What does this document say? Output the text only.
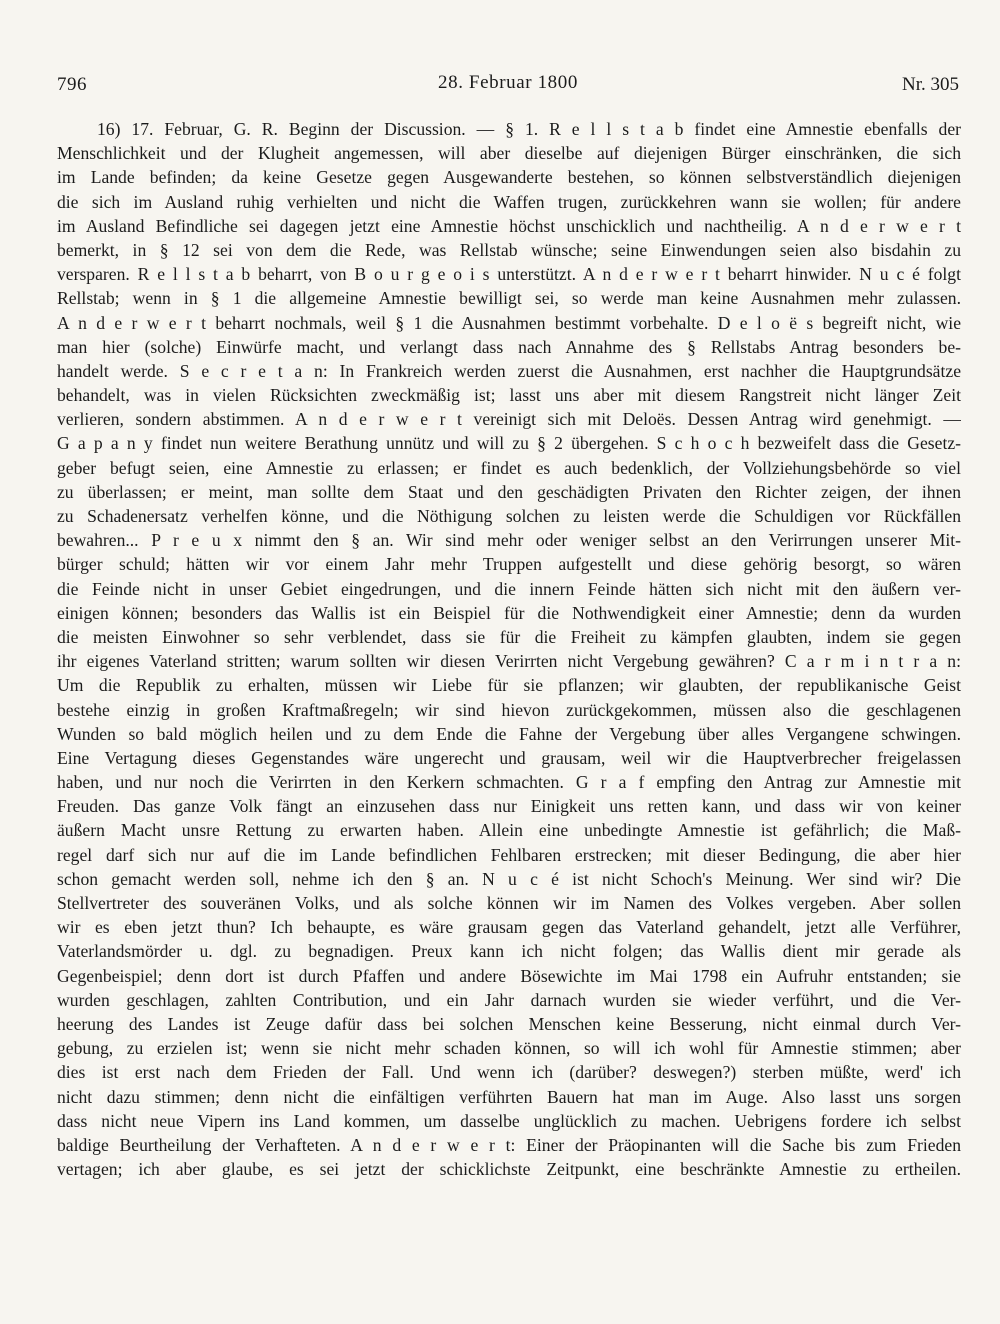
796	28. Februar 1800	Nr. 305
16) 17. Februar, G. R. Beginn der Discussion. — § 1. R e l l s t a b findet eine Amnestie ebenfalls der
Menschlichkeit und der Klugheit angemessen, will aber dieselbe auf diejenigen Bürger einschränken, die sich
im Lande befinden; da keine Gesetze gegen Ausgewanderte bestehen, so können selbstverständlich diejenigen
die sich im Ausland ruhig verhielten und nicht die Waffen trugen, zurückkehren wann sie wollen; für andere
im Ausland Befindliche sei dagegen jetzt eine Amnestie höchst unschicklich und nachtheilig. A n d e r w e r t
bemerkt, in § 12 sei von dem die Rede, was Rellstab wünsche; seine Einwendungen seien also bisdahin zu
versparen. R e l l s t a b beharrt, von B o u r g e o i s unterstützt. A n d e r w e r t beharrt hinwider. N u c é folgt
Rellstab; wenn in § 1 die allgemeine Amnestie bewilligt sei, so werde man keine Ausnahmen mehr zulassen.
A n d e r w e r t beharrt nochmals, weil § 1 die Ausnahmen bestimmt vorbehalte. D e l o ë s begreift nicht, wie
man hier (solche) Einwürfe macht, und verlangt dass nach Annahme des § Rellstabs Antrag besonders be-
handelt werde. S e c r e t a n: In Frankreich werden zuerst die Ausnahmen, erst nachher die Hauptgrundsätze
behandelt, was in vielen Rücksichten zweckmäßig ist; lasst uns aber mit diesem Rangstreit nicht länger Zeit
verlieren, sondern abstimmen. A n d e r w e r t vereinigt sich mit Deloës. Dessen Antrag wird genehmigt. —
G a p a n y findet nun weitere Berathung unnütz und will zu § 2 übergehen. S c h o c h bezweifelt dass die Gesetz-
geber befugt seien, eine Amnestie zu erlassen; er findet es auch bedenklich, der Vollziehungsbehörde so viel
zu überlassen; er meint, man sollte dem Staat und den geschädigten Privaten den Richter zeigen, der ihnen
zu Schadenersatz verhelfen könne, und die Nöthigung solchen zu leisten werde die Schuldigen vor Rückfällen
bewahren... P r e u x nimmt den § an. Wir sind mehr oder weniger selbst an den Verirrungen unserer Mit-
bürger schuld; hätten wir vor einem Jahr mehr Truppen aufgestellt und diese gehörig besorgt, so wären
die Feinde nicht in unser Gebiet eingedrungen, und die innern Feinde hätten sich nicht mit den äußern ver-
einigen können; besonders das Wallis ist ein Beispiel für die Nothwendigkeit einer Amnestie; denn da wurden
die meisten Einwohner so sehr verblendet, dass sie für die Freiheit zu kämpfen glaubten, indem sie gegen
ihr eigenes Vaterland stritten; warum sollten wir diesen Verirrten nicht Vergebung gewähren? C a r m i n t r a n:
Um die Republik zu erhalten, müssen wir Liebe für sie pflanzen; wir glaubten, der republikanische Geist
bestehe einzig in großen Kraftmaßregeln; wir sind hievon zurückgekommen, müssen also die geschlagenen
Wunden so bald möglich heilen und zu dem Ende die Fahne der Vergebung über alles Vergangene schwingen.
Eine Vertagung dieses Gegenstandes wäre ungerecht und grausam, weil wir die Hauptverbrecher freigelassen
haben, und nur noch die Verirrten in den Kerkern schmachten. G r a f empfing den Antrag zur Amnestie mit
Freuden. Das ganze Volk fängt an einzusehen dass nur Einigkeit uns retten kann, und dass wir von keiner
äußern Macht unsre Rettung zu erwarten haben. Allein eine unbedingte Amnestie ist gefährlich; die Maß-
regel darf sich nur auf die im Lande befindlichen Fehlbaren erstrecken; mit dieser Bedingung, die aber hier
schon gemacht werden soll, nehme ich den § an. N u c é ist nicht Schoch's Meinung. Wer sind wir? Die
Stellvertreter des souveränen Volks, und als solche können wir im Namen des Volkes vergeben. Aber sollen
wir es eben jetzt thun? Ich behaupte, es wäre grausam gegen das Vaterland gehandelt, jetzt alle Verführer,
Vaterlandsmörder u. dgl. zu begnadigen. Preux kann ich nicht folgen; das Wallis dient mir gerade als
Gegenbeispiel; denn dort ist durch Pfaffen und andere Bösewichte im Mai 1798 ein Aufruhr entstanden; sie
wurden geschlagen, zahlten Contribution, und ein Jahr darnach wurden sie wieder verführt, und die Ver-
heerung des Landes ist Zeuge dafür dass bei solchen Menschen keine Besserung, nicht einmal durch Ver-
gebung, zu erzielen ist; wenn sie nicht mehr schaden können, so will ich wohl für Amnestie stimmen; aber
dies ist erst nach dem Frieden der Fall. Und wenn ich (darüber? deswegen?) sterben müßte, werd' ich
nicht dazu stimmen; denn nicht die einfältigen verführten Bauern hat man im Auge. Also lasst uns sorgen
dass nicht neue Vipern ins Land kommen, um dasselbe unglücklich zu machen. Uebrigens fordere ich selbst
baldige Beurtheilung der Verhafteten. A n d e r w e r t: Einer der Präopinanten will die Sache bis zum Frieden
vertagen; ich aber glaube, es sei jetzt der schicklichste Zeitpunkt, eine beschränkte Amnestie zu ertheilen.
